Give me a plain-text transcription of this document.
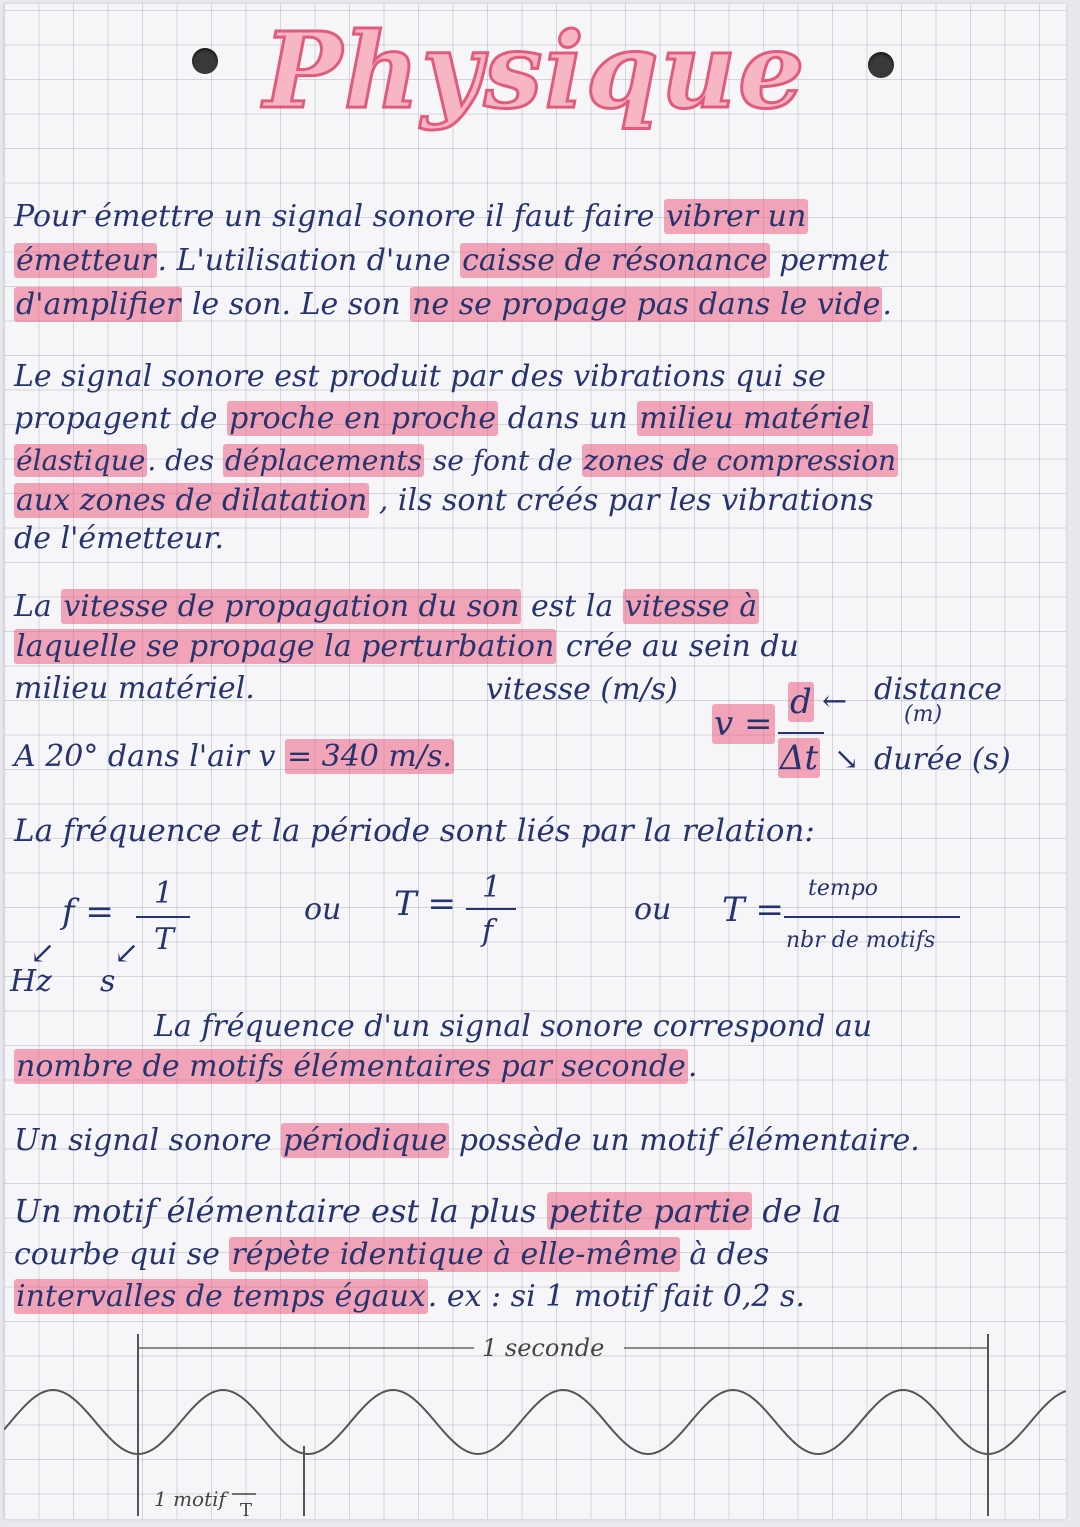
Physique
Pour émettre un signal sonore il faut faire vibrer un
émetteur. L'utilisation d'une caisse de résonance permet
d'amplifier le son. Le son ne se propage pas dans le vide.
Le signal sonore est produit par des vibrations qui se
propagent de proche en proche dans un milieu matériel
élastique. des déplacements se font de zones de compression
aux zones de dilatation , ils sont créés par les vibrations
de l'émetteur.
La vitesse de propagation du son est la vitesse à
laquelle se propage la perturbation crée au sein du
milieu matériel.	vitesse (m/s)	distance
(m)
v =
d ←
Δt ↘ durée (s)
A 20° dans l'air v = 340 m/s.
La fréquence et la période sont liés par la relation:
f = 1
T
ou T = 1
f
ou T =
tempo
nbr de motifs
↙ ↙
Hz s
La fréquence d'un signal sonore correspond au
nombre de motifs élémentaires par seconde.
Un signal sonore périodique possède un motif élémentaire.
Un motif élémentaire est la plus petite partie de la
courbe qui se répète identique à elle-même à des
intervalles de temps égaux. ex : si 1 motif fait 0,2 s.
1 seconde
1 motif T
